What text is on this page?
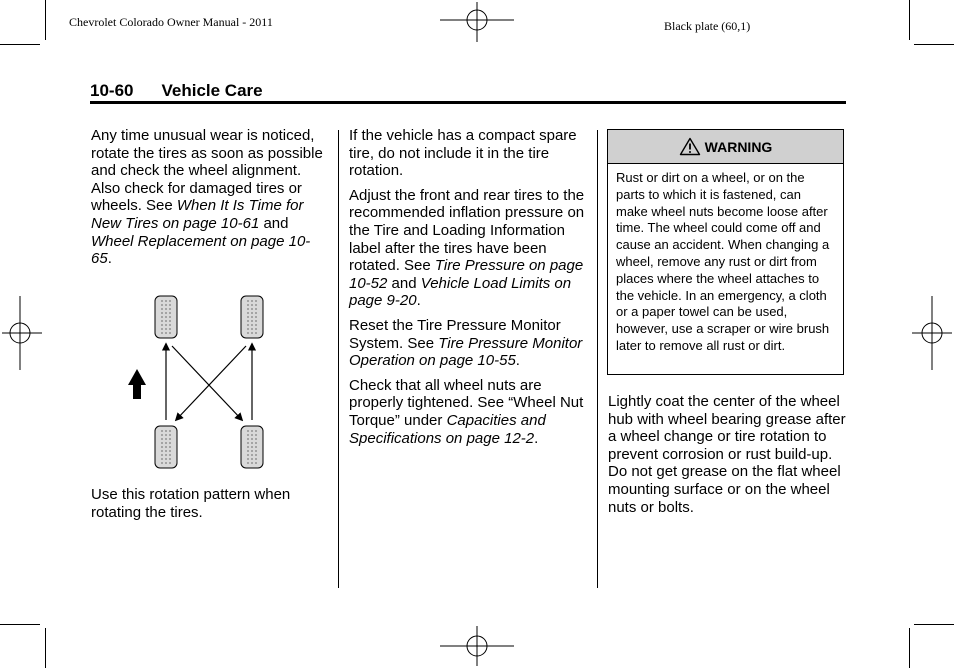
Chevrolet Colorado Owner Manual - 2011	Black plate (60,1)
10-60 Vehicle Care

Any time unusual wear is noticed, rotate the tires as soon as possible and check the wheel alignment. Also check for damaged tires or wheels. See When It Is Time for New Tires on page 10-61 and Wheel Replacement on page 10-65.

Use this rotation pattern when rotating the tires.

If the vehicle has a compact spare tire, do not include it in the tire rotation.

Adjust the front and rear tires to the recommended inflation pressure on the Tire and Loading Information label after the tires have been rotated. See Tire Pressure on page 10-52 and Vehicle Load Limits on page 9-20.

Reset the Tire Pressure Monitor System. See Tire Pressure Monitor Operation on page 10-55.

Check that all wheel nuts are properly tightened. See “Wheel Nut Torque” under Capacities and Specifications on page 12-2.

WARNING
Rust or dirt on a wheel, or on the parts to which it is fastened, can make wheel nuts become loose after time. The wheel could come off and cause an accident. When changing a wheel, remove any rust or dirt from places where the wheel attaches to the vehicle. In an emergency, a cloth or a paper towel can be used, however, use a scraper or wire brush later to remove all rust or dirt.

Lightly coat the center of the wheel hub with wheel bearing grease after a wheel change or tire rotation to prevent corrosion or rust build-up. Do not get grease on the flat wheel mounting surface or on the wheel nuts or bolts.
